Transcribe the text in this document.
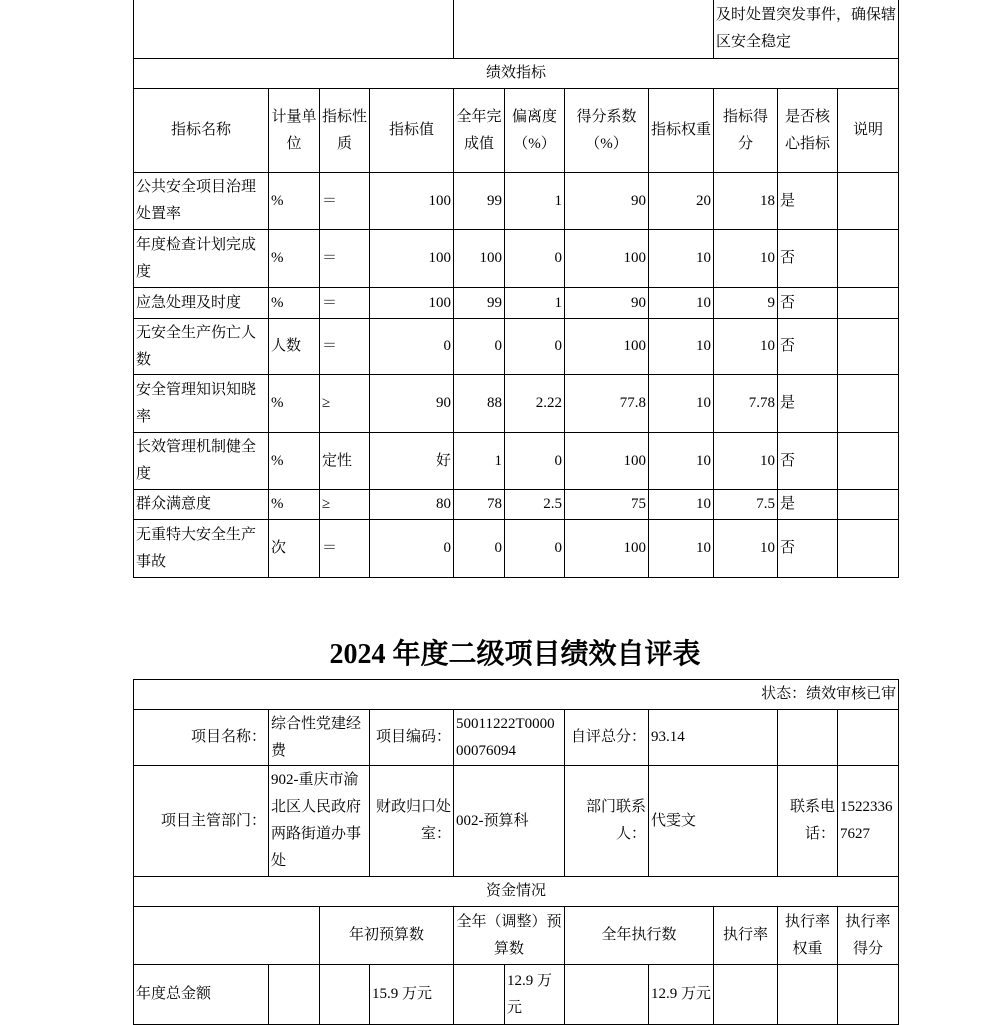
								及时处置突发事件，确保辖区安全稳定		
绩效指标										
指标名称	计量单位	指标性质	指标值	全年完成值	偏离度（%）	得分系数（%）	指标权重	指标得分	是否核心指标	说明
公共安全项目治理处置率	%	＝	100	99	1	90	20	18	是	
年度检查计划完成度	%	＝	100	100	0	100	10	10	否	
应急处理及时度	%	＝	100	99	1	90	10	9	否	
无安全生产伤亡人数	人数	＝	0	0	0	100	10	10	否	
安全管理知识知晓率	%	≥	90	88	2.22	77.8	10	7.78	是	
长效管理机制健全度	%	定性	好	1	0	100	10	10	否	
群众满意度	%	≥	80	78	2.5	75	10	7.5	是	
无重特大安全生产事故	次	＝	0	0	0	100	10	10	否	
2024 年度二级项目绩效自评表
状态：绩效审核已审										
项目名称：	综合性党建经费		项目编码：	50011222T000000076094		自评总分：	93.14			
项目主管部门：	902-重庆市渝北区人民政府两路街道办事处		财政归口处室：	002-预算科		部门联系人：	代雯文		联系电话：	15223367627
资金情况										
		年初预算数		全年（调整）预算数		全年执行数		执行率	执行率权重	执行率得分
年度总金额			15.9 万元		12.9 万元		12.9 万元			
